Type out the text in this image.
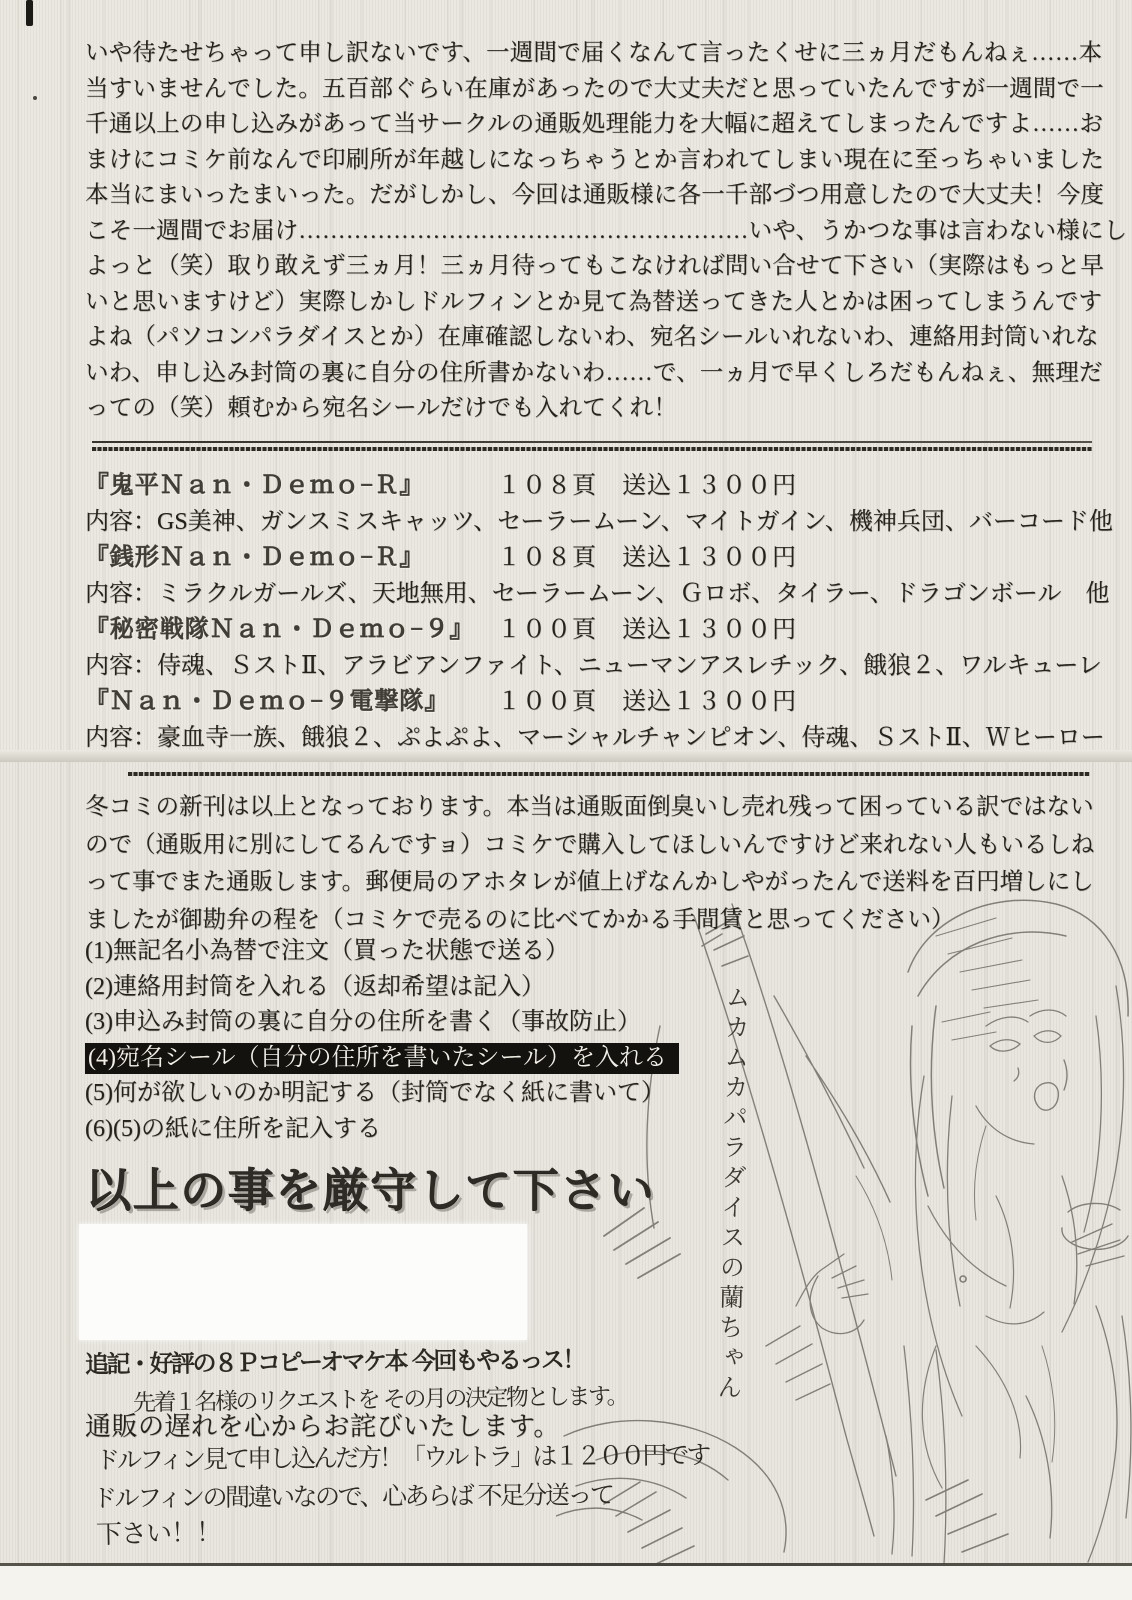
いや待たせちゃって申し訳ないです、一週間で届くなんて言ったくせに三ヵ月だもんねぇ……本
当すいませんでした。五百部ぐらい在庫があったので大丈夫だと思っていたんですが一週間で一
千通以上の申し込みがあって当サークルの通販処理能力を大幅に超えてしまったんですよ……お
まけにコミケ前なんで印刷所が年越しになっちゃうとか言われてしまい現在に至っちゃいました
本当にまいったまいった。だがしかし、今回は通販様に各一千部づつ用意したので大丈夫！今度
こそ一週間でお届け…………………………………………………いや、うかつな事は言わない様にし
よっと（笑）取り敢えず三ヵ月！三ヵ月待ってもこなければ問い合せて下さい（実際はもっと早
いと思いますけど）実際しかしドルフィンとか見て為替送ってきた人とかは困ってしまうんです
よね（パソコンパラダイスとか）在庫確認しないわ、宛名シールいれないわ、連絡用封筒いれな
いわ、申し込み封筒の裏に自分の住所書かないわ……で、一ヵ月で早くしろだもんねぇ、無理だ
っての（笑）頼むから宛名シールだけでも入れてくれ！
『鬼平Ｎａｎ・Ｄｅｍｏ−Ｒ』	１０８頁　送込１３００円
内容：GS美神、ガンスミスキャッツ、セーラームーン、マイトガイン、機神兵団、バーコード他
『銭形Ｎａｎ・Ｄｅｍｏ−Ｒ』	１０８頁　送込１３００円
内容：ミラクルガールズ、天地無用、セーラームーン、Ｇロボ、タイラー、ドラゴンボール　他
『秘密戦隊Ｎａｎ・Ｄｅｍｏ−９』 １００頁　送込１３００円
内容：侍魂、ＳストⅡ、アラビアンファイト、ニューマンアスレチック、餓狼２、ワルキューレ
『Ｎａｎ・Ｄｅｍｏ−９電撃隊』 １００頁　送込１３００円
内容：豪血寺一族、餓狼２、ぷよぷよ、マーシャルチャンピオン、侍魂、ＳストⅡ、Ｗヒーロー
冬コミの新刊は以上となっております。本当は通販面倒臭いし売れ残って困っている訳ではない
ので（通販用に別にしてるんですョ）コミケで購入してほしいんですけど来れない人もいるしね
って事でまた通販します。郵便局のアホタレが値上げなんかしやがったんで送料を百円増しにし
ましたが御勘弁の程を（コミケで売るのに比べてかかる手間賃と思ってください）
(1)無記名小為替で注文（買った状態で送る）
(2)連絡用封筒を入れる（返却希望は記入）
(3)申込み封筒の裏に自分の住所を書く（事故防止）
(4)宛名シール（自分の住所を書いたシール）を入れる
(5)何が欲しいのか明記する（封筒でなく紙に書いて）
(6)(5)の紙に住所を記入する
以上の事を厳守して下さい
追記・好評の８Ｐコピーオマケ本 今回もやるっス！
先着１名様のリクエストを その月の決定物とします。
通販の遅れを心からお詫びいたします。
ドルフィン見て申し込んだ方！「ウルトラ」は１２００円です
ドルフィンの間違いなので、心あらば 不足分送って
下さい！！
ムカムカパラダイスの蘭ちゃん
